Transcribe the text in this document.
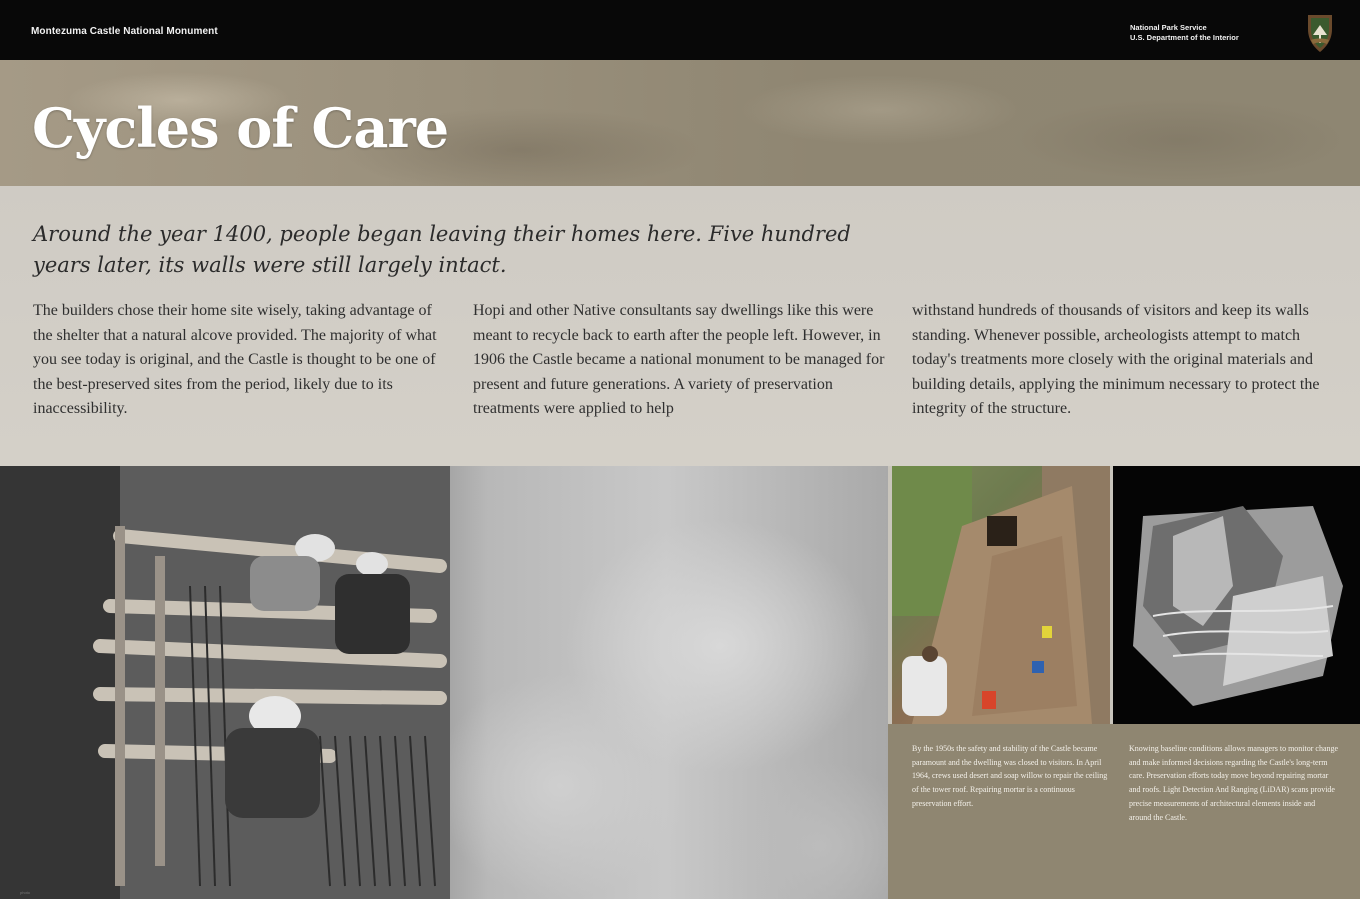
Montezuma Castle National Monument	National Park Service
U.S. Department of the Interior
Cycles of Care

Around the year 1400, people began leaving their homes here. Five hundred years later, its walls were still largely intact.

The builders chose their home site wisely, taking advantage of the shelter that a natural alcove provided. The majority of what you see today is original, and the Castle is thought to be one of the best-preserved sites from the period, likely due to its inaccessibility.

Hopi and other Native consultants say dwellings like this were meant to recycle back to earth after the people left. However, in 1906 the Castle became a national monument to be managed for present and future generations. A variety of preservation treatments were applied to help

withstand hundreds of thousands of visitors and keep its walls standing. Whenever possible, archeologists attempt to match today's treatments more closely with the original materials and building details, applying the minimum necessary to protect the integrity of the structure.

photo

By the 1950s the safety and stability of the Castle became paramount and the dwelling was closed to visitors. In April 1964, crews used desert and soap willow to repair the ceiling of the tower roof. Repairing mortar is a continuous preservation effort.

Knowing baseline conditions allows managers to monitor change and make informed decisions regarding the Castle's long-term care. Preservation efforts today move beyond repairing mortar and roofs. Light Detection And Ranging (LiDAR) scans provide precise measurements of architectural elements inside and around the Castle.
